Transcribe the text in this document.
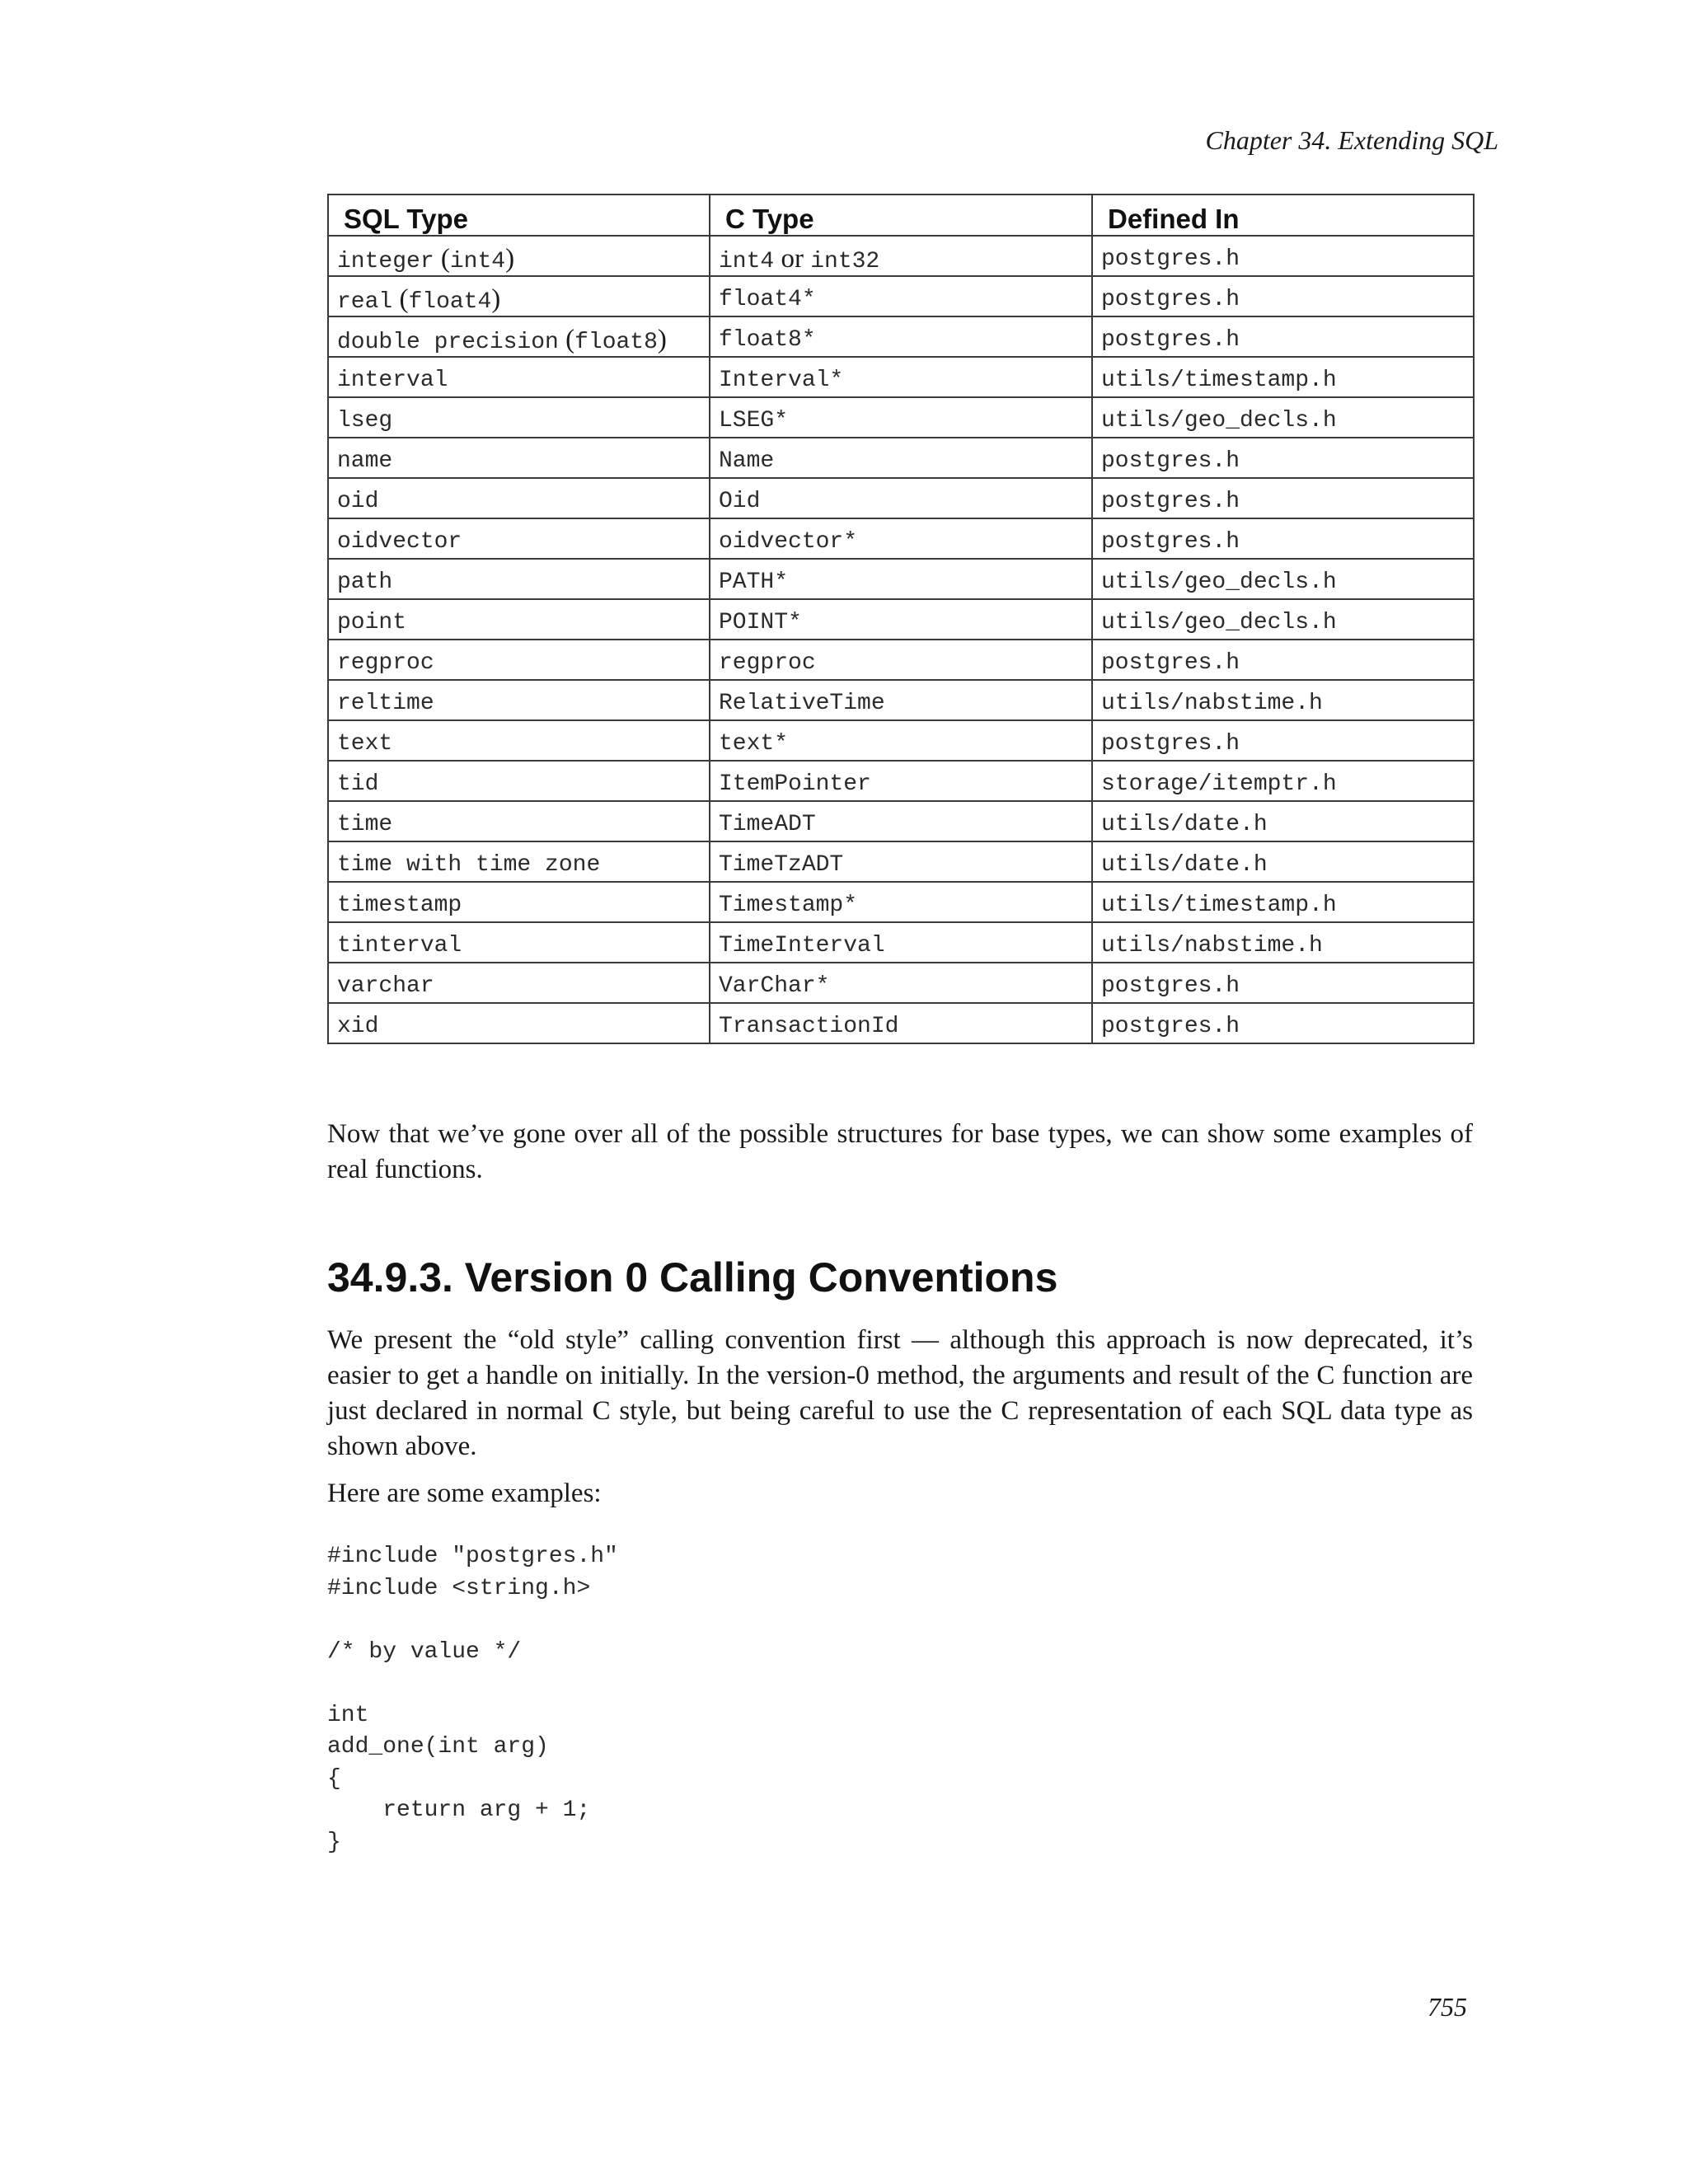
Chapter 34. Extending SQL
SQL Type	C Type	Defined In
integer (int4)	int4 or int32	postgres.h
real (float4)	float4*	postgres.h
double precision (float8)	float8*	postgres.h
interval	Interval*	utils/timestamp.h
lseg	LSEG*	utils/geo_decls.h
name	Name	postgres.h
oid	Oid	postgres.h
oidvector	oidvector*	postgres.h
path	PATH*	utils/geo_decls.h
point	POINT*	utils/geo_decls.h
regproc	regproc	postgres.h
reltime	RelativeTime	utils/nabstime.h
text	text*	postgres.h
tid	ItemPointer	storage/itemptr.h
time	TimeADT	utils/date.h
time with time zone	TimeTzADT	utils/date.h
timestamp	Timestamp*	utils/timestamp.h
tinterval	TimeInterval	utils/nabstime.h
varchar	VarChar*	postgres.h
xid	TransactionId	postgres.h

Now that we’ve gone over all of the possible structures for base types, we can show some examples of real functions.

34.9.3. Version 0 Calling Conventions

We present the “old style” calling convention first — although this approach is now deprecated, it’s easier to get a handle on initially. In the version-0 method, the arguments and result of the C function are just declared in normal C style, but being careful to use the C representation of each SQL data type as shown above.

Here are some examples:

#include "postgres.h"
#include <string.h>

/* by value */

int
add_one(int arg)
{
return arg + 1;
}
755
